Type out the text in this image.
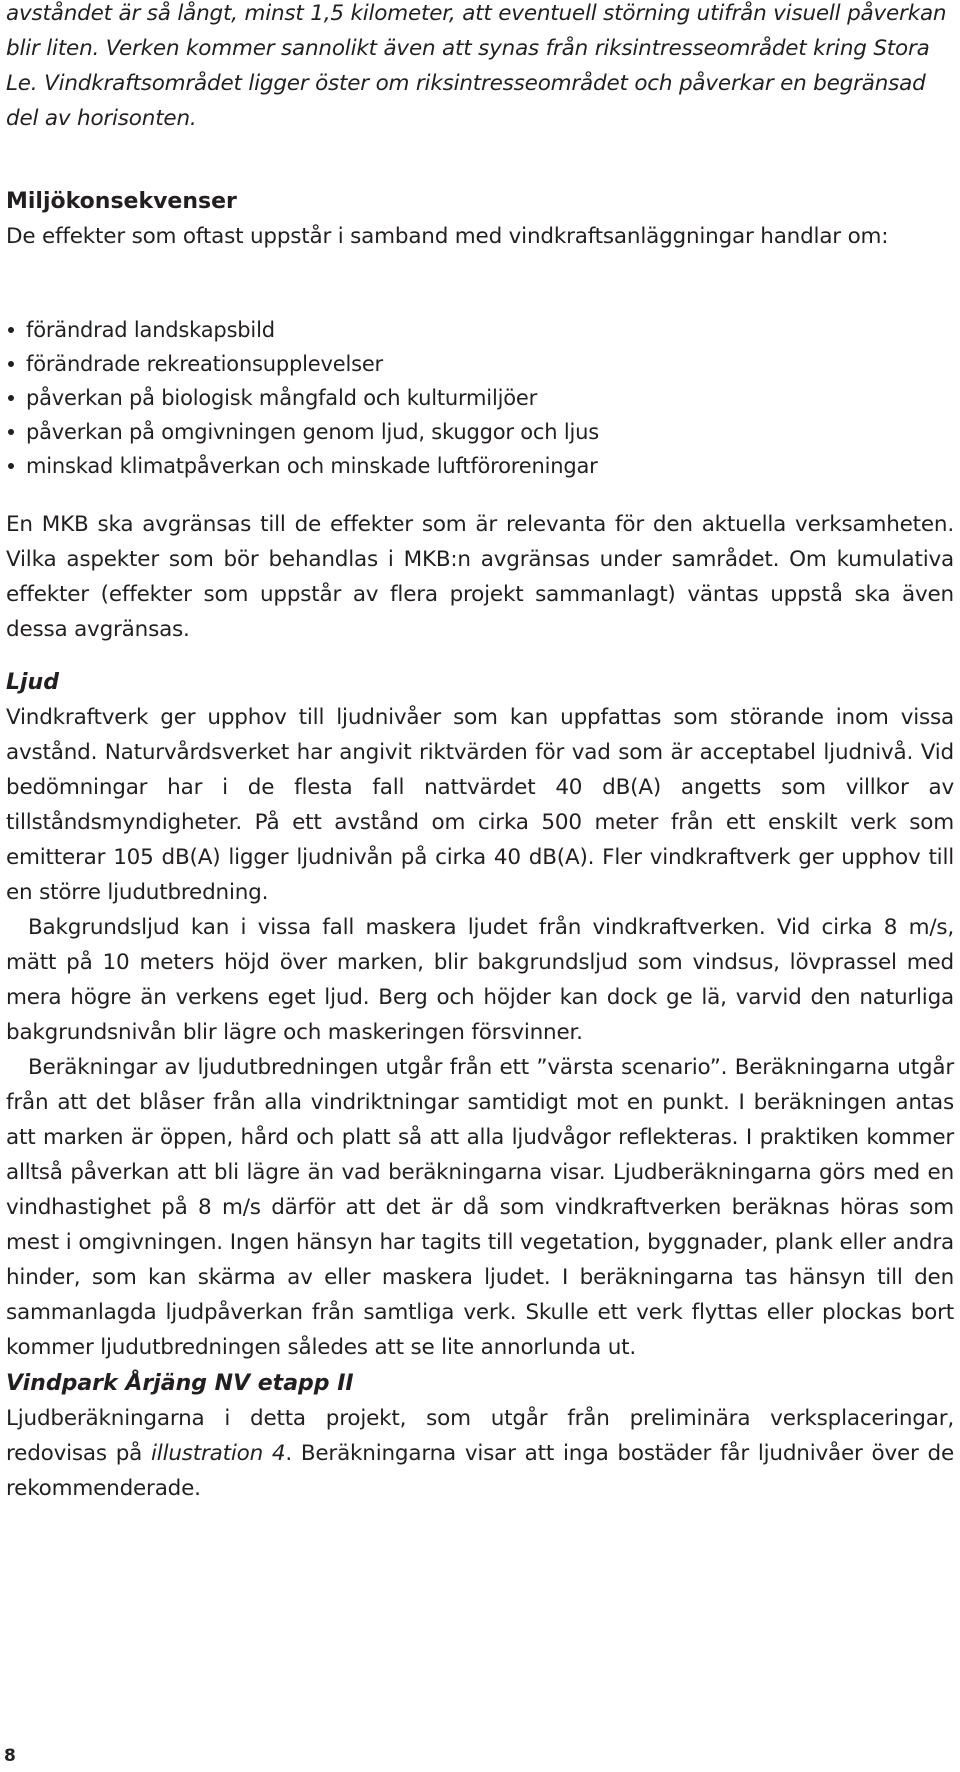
avståndet är så långt, minst 1,5 kilometer, att eventuell störning utifrån visuell påverkan blir liten. Verken kommer sannolikt även att synas från riksintresseområdet kring Stora Le. Vindkraftsområdet ligger öster om riksintresseområdet och påverkar en begränsad del av horisonten.

Miljökonsekvenser

De effekter som oftast uppstår i samband med vindkraftsanläggningar handlar om:

förändrad landskapsbild
förändrade rekreationsupplevelser
påverkan på biologisk mångfald och kulturmiljöer
påverkan på omgivningen genom ljud, skuggor och ljus
minskad klimatpåverkan och minskade luftföroreningar

En MKB ska avgränsas till de effekter som är relevanta för den aktuella verksamheten. Vilka aspekter som bör behandlas i MKB:n avgränsas under samrådet. Om kumulativa effekter (effekter som uppstår av flera projekt sammanlagt) väntas uppstå ska även dessa avgränsas.

Ljud

Vindkraftverk ger upphov till ljudnivåer som kan uppfattas som störande inom vissa avstånd. Naturvårdsverket har angivit riktvärden för vad som är acceptabel ljudnivå. Vid bedömningar har i de flesta fall nattvärdet 40 dB(A) angetts som villkor av tillståndsmyndigheter. På ett avstånd om cirka 500 meter från ett enskilt verk som emitterar 105 dB(A) ligger ljudnivån på cirka 40 dB(A). Fler vindkraftverk ger upphov till en större ljudutbredning.

Bakgrundsljud kan i vissa fall maskera ljudet från vindkraftverken. Vid cirka 8 m/s, mätt på 10 meters höjd över marken, blir bakgrundsljud som vindsus, lövprassel med mera högre än verkens eget ljud. Berg och höjder kan dock ge lä, varvid den naturliga bakgrundsnivån blir lägre och maskeringen försvinner.

Beräkningar av ljudutbredningen utgår från ett ”värsta scenario”. Beräkningarna utgår från att det blåser från alla vindriktningar samtidigt mot en punkt. I beräkningen antas att marken är öppen, hård och platt så att alla ljudvågor reflekteras. I praktiken kommer alltså påverkan att bli lägre än vad beräkningarna visar. Ljudberäkningarna görs med en vindhastighet på 8 m/s därför att det är då som vindkraftverken beräknas höras som mest i omgivningen. Ingen hänsyn har tagits till vegetation, byggnader, plank eller andra hinder, som kan skärma av eller maskera ljudet. I beräkningarna tas hänsyn till den sammanlagda ljudpåverkan från samtliga verk. Skulle ett verk flyttas eller plockas bort kommer ljudutbredningen således att se lite annorlunda ut.

Vindpark Årjäng NV etapp II

Ljudberäkningarna i detta projekt, som utgår från preliminära verksplaceringar, redovisas på illustration 4. Beräkningarna visar att inga bostäder får ljudnivåer över de rekommenderade.

8
